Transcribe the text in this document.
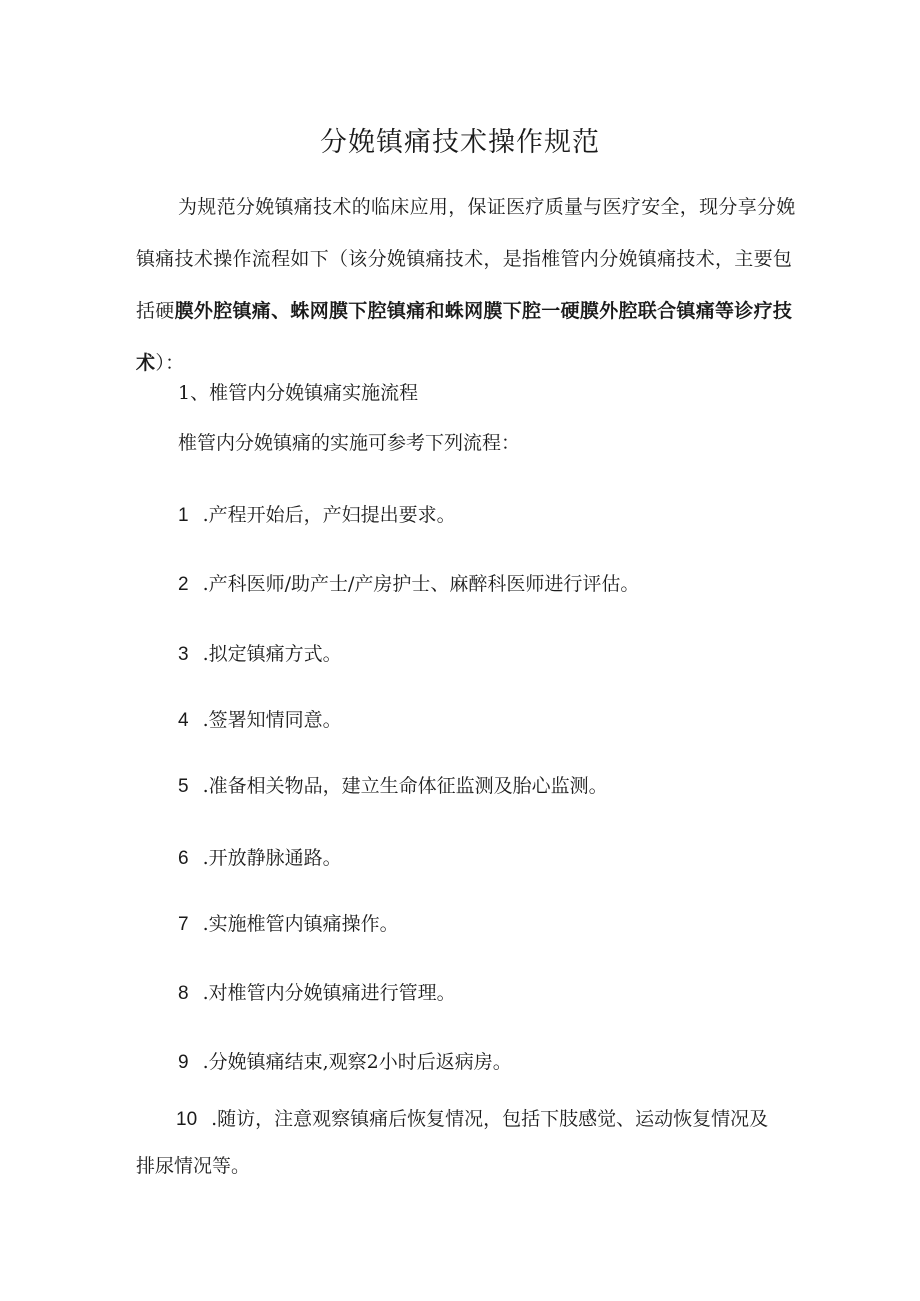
分娩镇痛技术操作规范
为规范分娩镇痛技术的临床应用，保证医疗质量与医疗安全，现分享分娩镇痛技术操作流程如下（该分娩镇痛技术，是指椎管内分娩镇痛技术，主要包括硬膜外腔镇痛、蛛网膜下腔镇痛和蛛网膜下腔一硬膜外腔联合镇痛等诊疗技术）：
1、椎管内分娩镇痛实施流程
椎管内分娩镇痛的实施可参考下列流程：
1 .产程开始后，产妇提出要求。
2 .产科医师/助产士/产房护士、麻醉科医师进行评估。
3 .拟定镇痛方式。
4 .签署知情同意。
5 .准备相关物品，建立生命体征监测及胎心监测。
6 .开放静脉通路。
7 .实施椎管内镇痛操作。
8 .对椎管内分娩镇痛进行管理。
9 .分娩镇痛结束,观察2小时后返病房。
10 .随访，注意观察镇痛后恢复情况，包括下肢感觉、运动恢复情况及排尿情况等。
